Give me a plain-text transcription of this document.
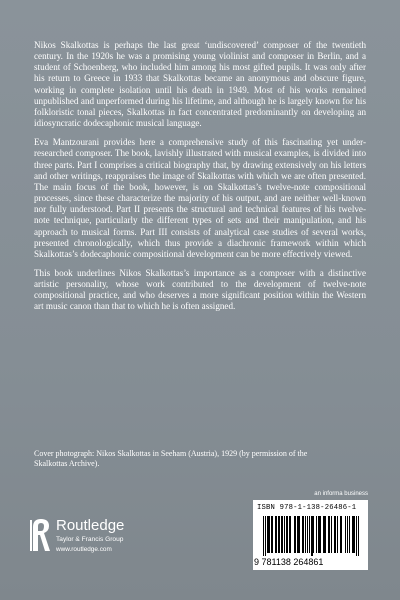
Nikos Skalkottas is perhaps the last great ‘undiscovered’ composer of the twentieth century. In the 1920s he was a promising young violinist and composer in Berlin, and a student of Schoenberg, who included him among his most gifted pupils. It was only after his return to Greece in 1933 that Skalkottas became an anonymous and obscure figure, working in complete isolation until his death in 1949. Most of his works remained unpublished and unperformed during his lifetime, and although he is largely known for his folkloristic tonal pieces, Skalkottas in fact concentrated predominantly on developing an idiosyncratic dodecaphonic musical language.

Eva Mantzourani provides here a comprehensive study of this fascinating yet under-researched composer. The book, lavishly illustrated with musical examples, is divided into three parts. Part I comprises a critical biography that, by drawing extensively on his letters and other writings, reappraises the image of Skalkottas with which we are often presented. The main focus of the book, however, is on Skalkottas’s twelve-note compositional processes, since these characterize the majority of his output, and are neither well-known nor fully understood. Part II presents the structural and technical features of his twelve-note technique, particularly the different types of sets and their manipulation, and his approach to musical forms. Part III consists of analytical case studies of several works, presented chronologically, which thus provide a diachronic framework within which Skalkottas’s dodecaphonic compositional development can be more effectively viewed.

This book underlines Nikos Skalkottas’s importance as a composer with a distinctive artistic personality, whose work contributed to the development of twelve-note compositional practice, and who deserves a more significant position within the Western art music canon than that to which he is often assigned.

Cover photograph: Nikos Skalkottas in Seeham (Austria), 1929 (by permission of the Skalkottas Archive).
an informa business
ISBN 978-1-138-26486-1
9 781138 264861
Routledge
Taylor & Francis Group
www.routledge.com
